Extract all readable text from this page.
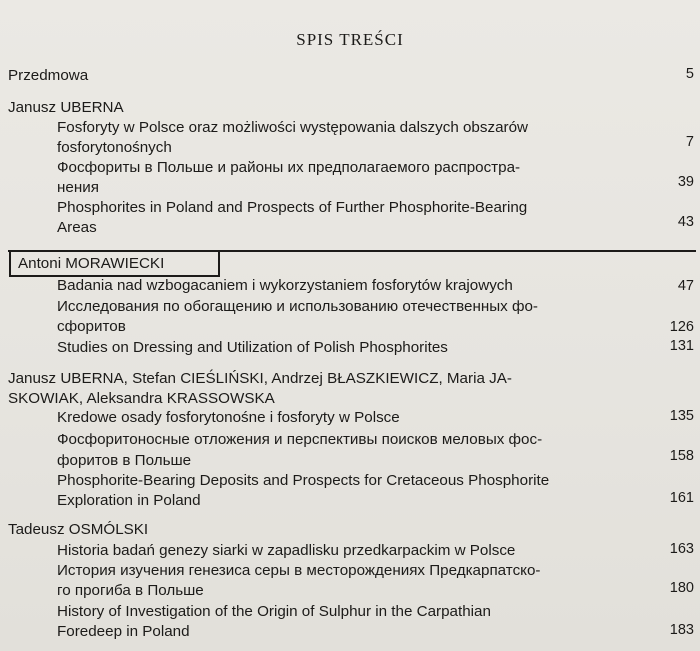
SPIS TREŚCI
Przedmowa	5
Janusz UBERNA
Fosforyty w Polsce oraz możliwości występowania dalszych obszarów
fosforytonośnych	7
Фосфориты в Польше и районы их предполагаемого распростра-
нения	39
Phosphorites in Poland and Prospects of Further Phosphorite-Bearing
Areas	43
Antoni MORAWIECKI
Badania nad wzbogacaniem i wykorzystaniem fosforytów krajowych	47
Исследования по обогащению и использованию отечественных фо-
сфоритов	126
Studies on Dressing and Utilization of Polish Phosphorites	131
Janusz UBERNA, Stefan CIEŚLIŃSKI, Andrzej BŁASZKIEWICZ, Maria JA-
SKOWIAK, Aleksandra KRASSOWSKA
Kredowe osady fosforytonośne i fosforyty w Polsce	135
Фосфоритоносные отложения и перспективы поисков меловых фос-
форитов в Польше	158
Phosphorite-Bearing Deposits and Prospects for Cretaceous Phosphorite
Exploration in Poland	161
Tadeusz OSMÓLSKI
Historia badań genezy siarki w zapadlisku przedkarpackim w Polsce	163
История изучения генезиса серы в месторождениях Предкарпатско-
го прогиба в Польше	180
History of Investigation of the Origin of Sulphur in the Carpathian
Foredeep in Poland	183
